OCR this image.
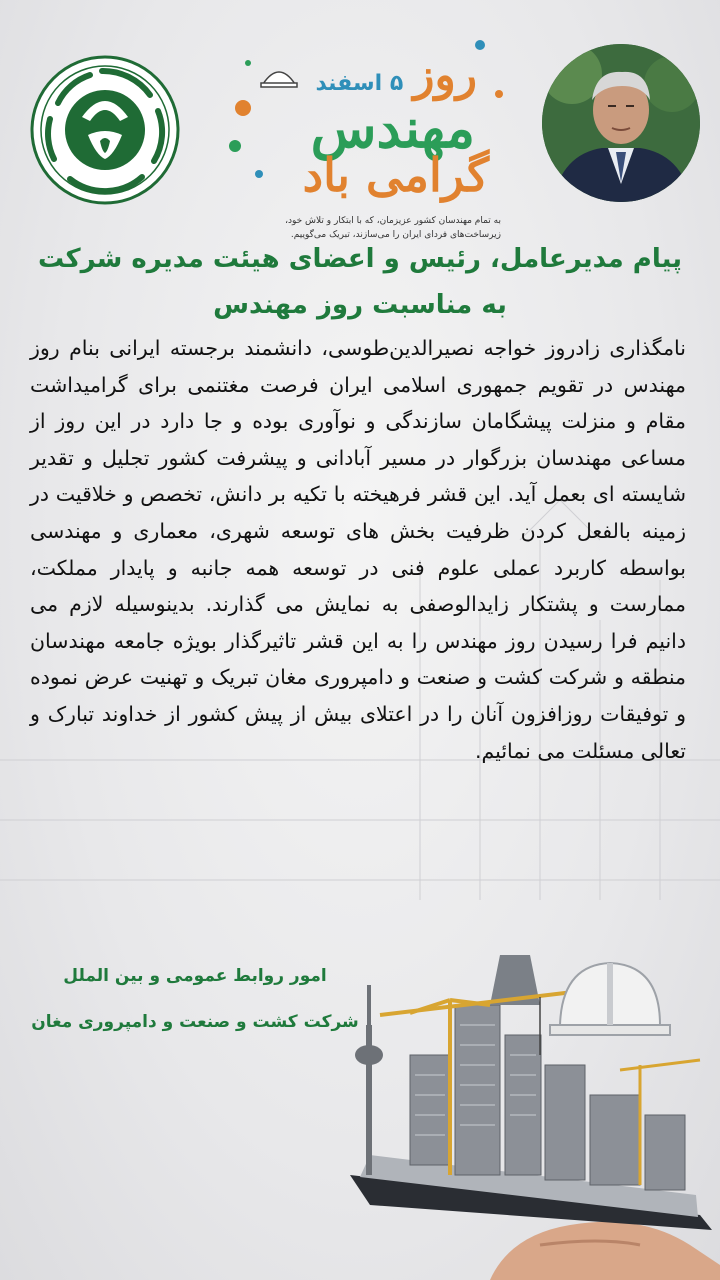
روز
۵ اسفند
مهندس
گرامی باد
به تمام مهندسان کشور عزیزمان، که با ابتکار و تلاش خود،
زیرساخت‌های فردای ایران را می‌سازند، تبریک می‌گوییم.
پیام مدیرعامل، رئیس و اعضای هیئت مدیره شرکت
به مناسبت روز مهندس
نامگذاری زادروز خواجه نصیرالدین‌طوسی، دانشمند برجسته ایرانی بنام روز مهندس در تقویم جمهوری اسلامی ایران فرصت مغتنمی برای گرامیداشت مقام و منزلت پیشگامان سازندگی و نوآوری بوده و جا دارد در این روز از مساعی مهندسان بزرگوار در مسیر آبادانی و پیشرفت کشور تجلیل و تقدیر شایسته ای بعمل آید. این قشر فرهیخته با تکیه بر دانش، تخصص و خلاقیت در زمینه بالفعل کردن ظرفیت بخش های توسعه شهری، معماری و مهندسی بواسطه کاربرد عملی علوم فنی در توسعه همه جانبه و پایدار مملکت، ممارست و پشتکار زایدالوصفی به نمایش می گذارند. بدینوسیله لازم می دانیم فرا رسیدن روز مهندس را به این قشر تاثیرگذار بویژه جامعه مهندسان منطقه و شرکت کشت و صنعت و دامپروری مغان تبریک و تهنیت عرض نموده و توفیقات روزافزون آنان را در اعتلای بیش از پیش کشور از خداوند تبارک و تعالی مسئلت می نمائیم.
امور روابط عمومی و بین الملل
شرکت کشت و صنعت و دامپروری مغان
